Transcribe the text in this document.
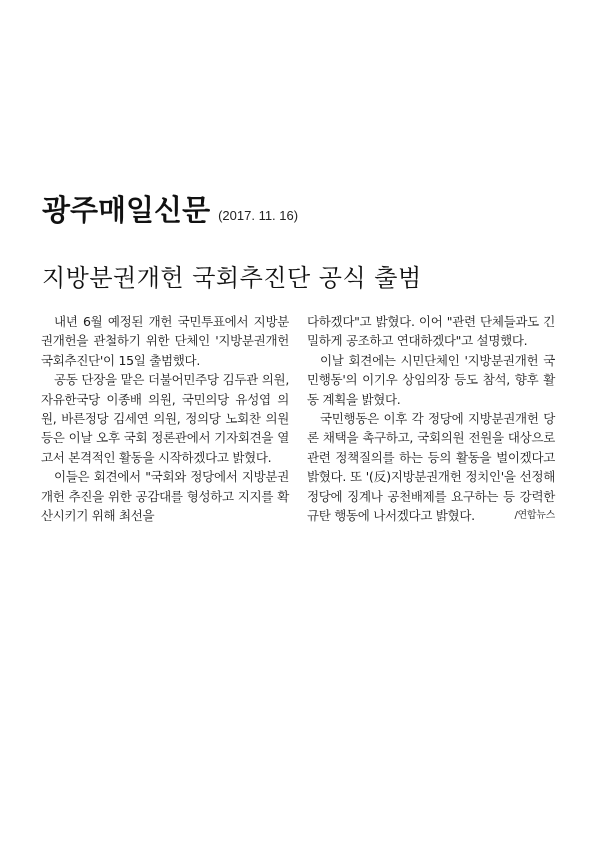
광주매일신문 (2017. 11. 16)
지방분권개헌 국회추진단 공식 출범

내년 6월 예정된 개헌 국민투표에서 지방분권개헌을 관철하기 위한 단체인 '지방분권개헌 국회추진단'이 15일 출범했다.

공동 단장을 맡은 더불어민주당 김두관 의원, 자유한국당 이종배 의원, 국민의당 유성엽 의원, 바른정당 김세연 의원, 정의당 노회찬 의원 등은 이날 오후 국회 정론관에서 기자회견을 열고서 본격적인 활동을 시작하겠다고 밝혔다.

이들은 회견에서 "국회와 정당에서 지방분권개헌 추진을 위한 공감대를 형성하고 지지를 확산시키기 위해 최선을

다하겠다"고 밝혔다. 이어 "관련 단체들과도 긴밀하게 공조하고 연대하겠다"고 설명했다.

이날 회견에는 시민단체인 '지방분권개헌 국민행동'의 이기우 상임의장 등도 참석, 향후 활동 계획을 밝혔다.

국민행동은 이후 각 정당에 지방분권개헌 당론 채택을 촉구하고, 국회의원 전원을 대상으로 관련 정책질의를 하는 등의 활동을 벌이겠다고 밝혔다. 또 '(反)지방분권개헌 정치인'을 선정해 정당에 징계나 공천배제를 요구하는 등 강력한 규탄 행동에 나서겠다고 밝혔다.	/연합뉴스
